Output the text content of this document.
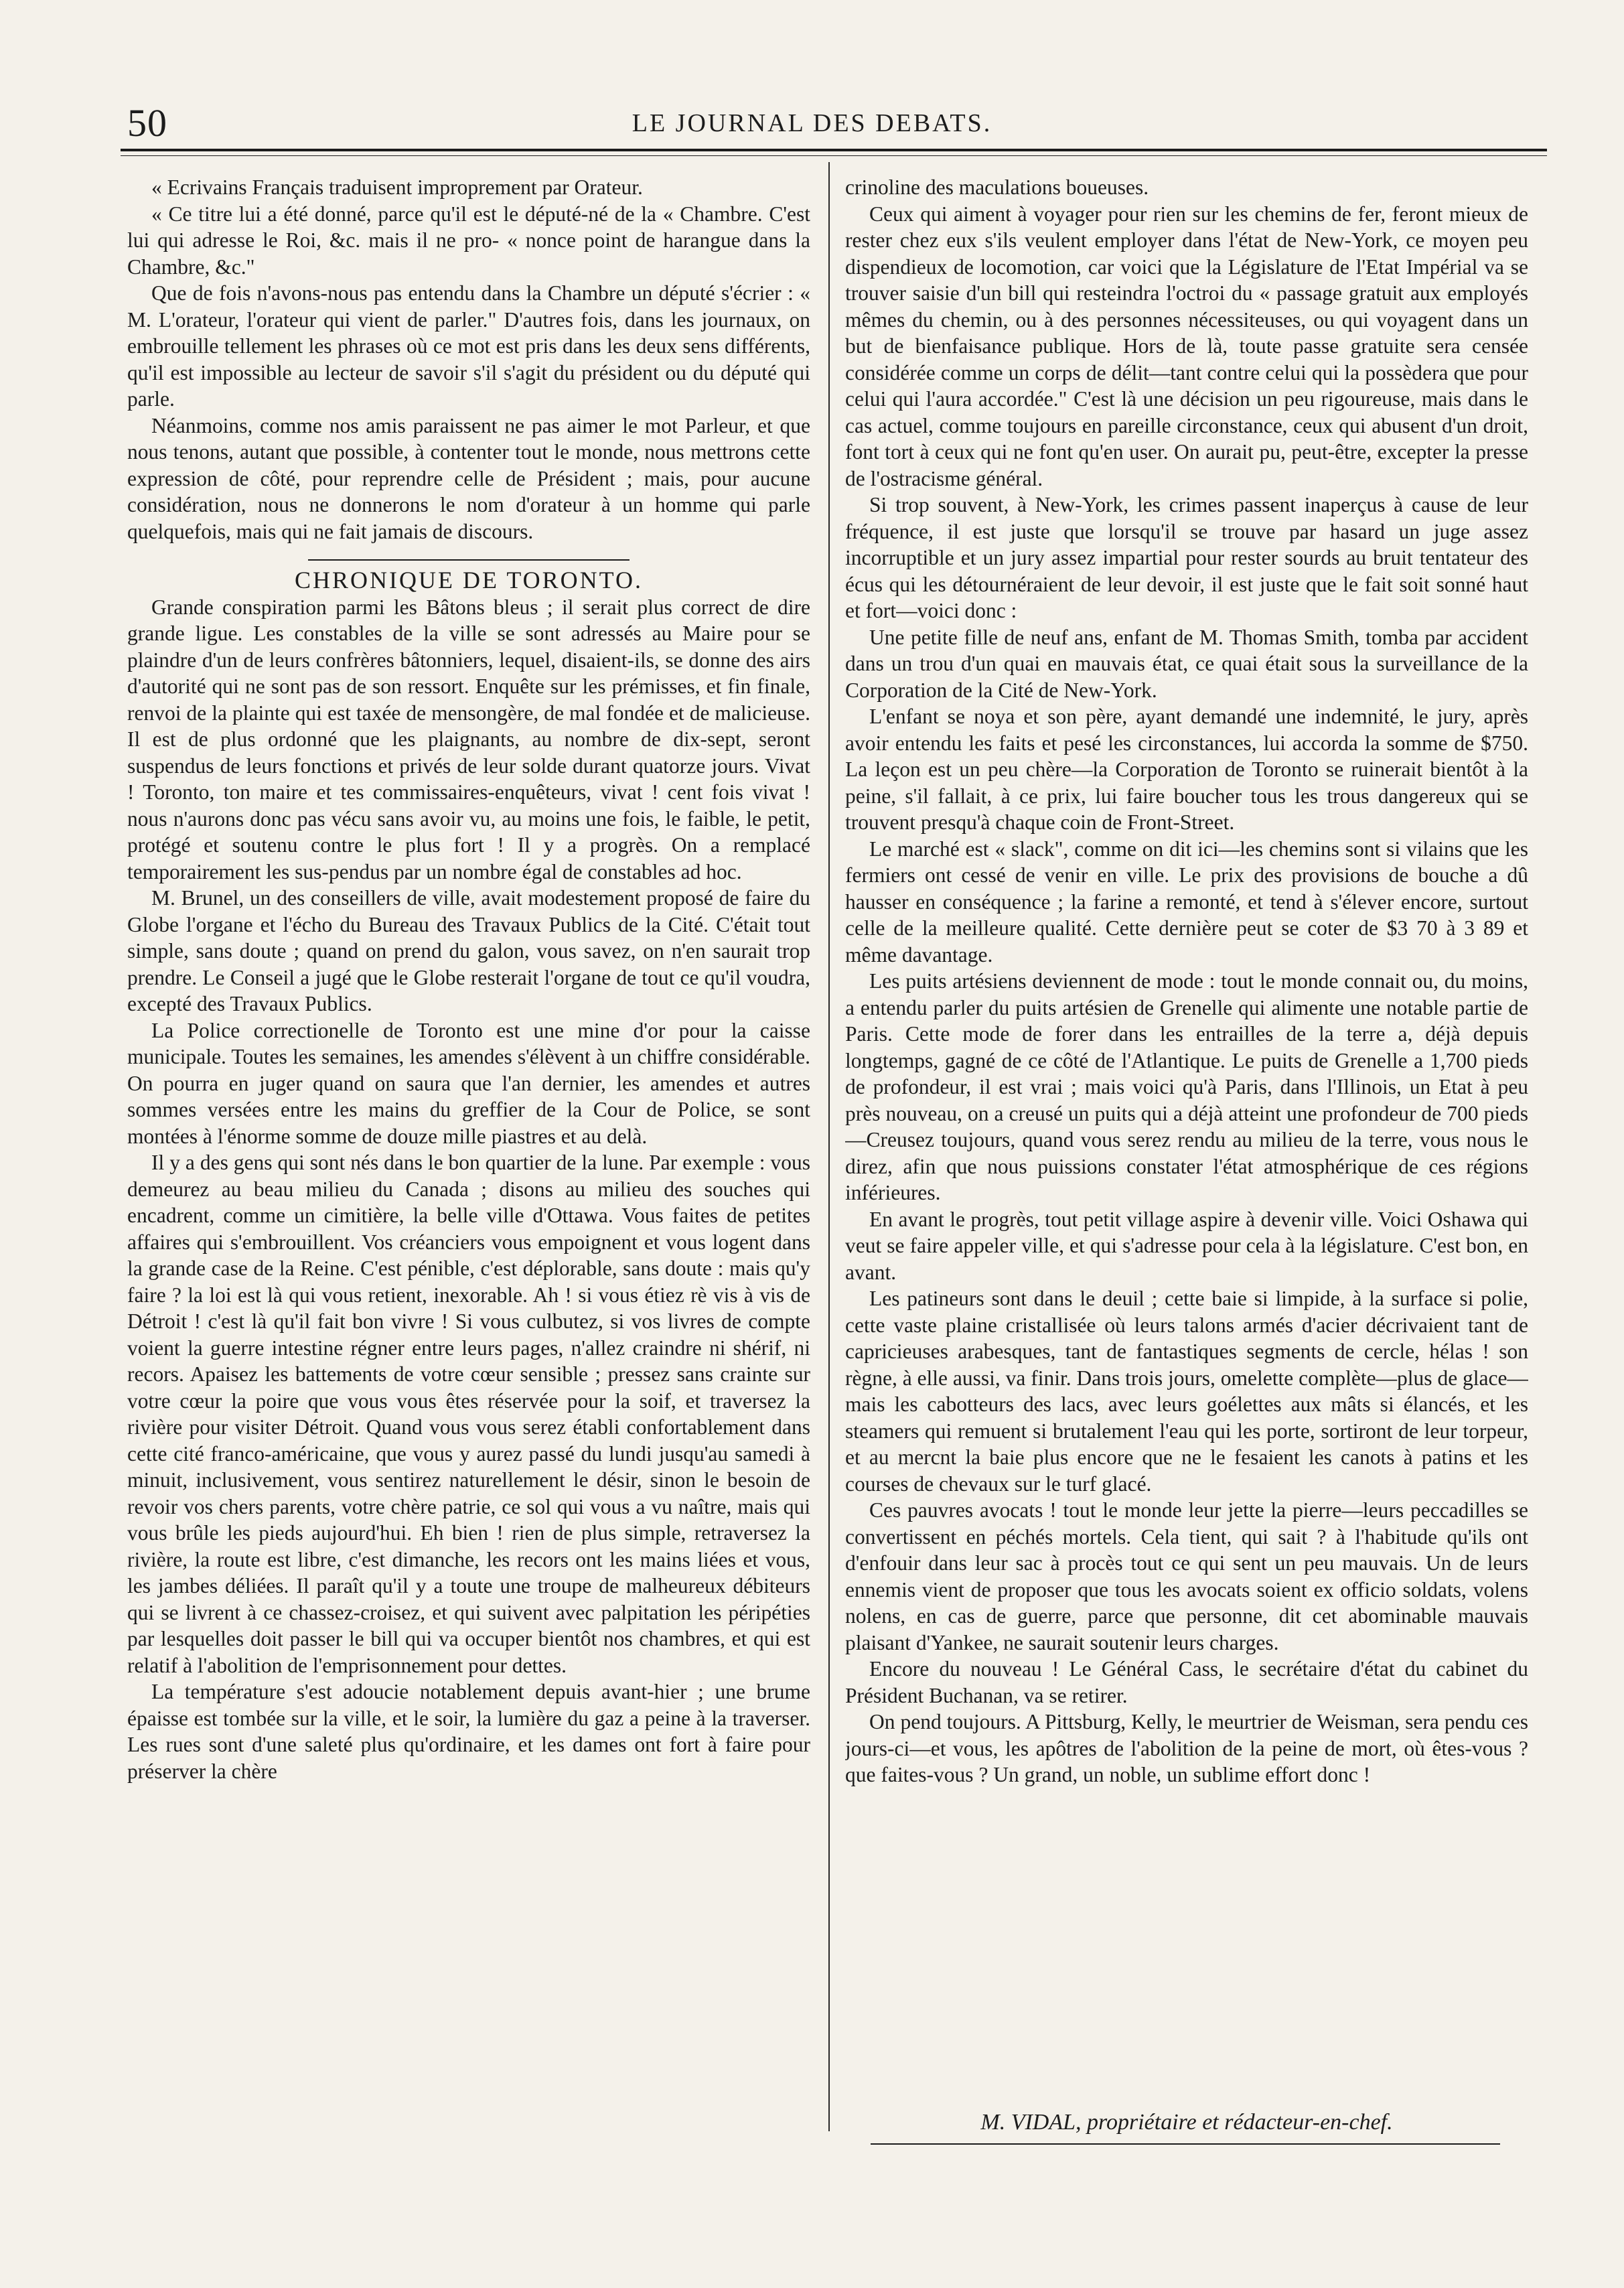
50	LE JOURNAL DES DEBATS.

« Ecrivains Français traduisent improprement par Orateur.

« Ce titre lui a été donné, parce qu'il est le député-né de la « Chambre. C'est lui qui adresse le Roi, &c. mais il ne pro- « nonce point de harangue dans la Chambre, &c."

Que de fois n'avons-nous pas entendu dans la Chambre un député s'écrier : « M. L'orateur, l'orateur qui vient de parler." D'autres fois, dans les journaux, on embrouille tellement les phrases où ce mot est pris dans les deux sens différents, qu'il est impossible au lecteur de savoir s'il s'agit du président ou du député qui parle.

Néanmoins, comme nos amis paraissent ne pas aimer le mot Parleur, et que nous tenons, autant que possible, à contenter tout le monde, nous mettrons cette expression de côté, pour reprendre celle de Président ; mais, pour aucune considération, nous ne donnerons le nom d'orateur à un homme qui parle quelquefois, mais qui ne fait jamais de discours.

CHRONIQUE DE TORONTO.

Grande conspiration parmi les Bâtons bleus ; il serait plus correct de dire grande ligue. Les constables de la ville se sont adressés au Maire pour se plaindre d'un de leurs confrères bâtonniers, lequel, disaient-ils, se donne des airs d'autorité qui ne sont pas de son ressort. Enquête sur les prémisses, et fin finale, renvoi de la plainte qui est taxée de mensongère, de mal fondée et de malicieuse. Il est de plus ordonné que les plaignants, au nombre de dix-sept, seront suspendus de leurs fonctions et privés de leur solde durant quatorze jours. Vivat ! Toronto, ton maire et tes commissaires-enquêteurs, vivat ! cent fois vivat ! nous n'aurons donc pas vécu sans avoir vu, au moins une fois, le faible, le petit, protégé et soutenu contre le plus fort ! Il y a progrès. On a remplacé temporairement les sus-pendus par un nombre égal de constables ad hoc.

M. Brunel, un des conseillers de ville, avait modestement proposé de faire du Globe l'organe et l'écho du Bureau des Travaux Publics de la Cité. C'était tout simple, sans doute ; quand on prend du galon, vous savez, on n'en saurait trop prendre. Le Conseil a jugé que le Globe resterait l'organe de tout ce qu'il voudra, excepté des Travaux Publics.

La Police correctionelle de Toronto est une mine d'or pour la caisse municipale. Toutes les semaines, les amendes s'élèvent à un chiffre considérable. On pourra en juger quand on saura que l'an dernier, les amendes et autres sommes versées entre les mains du greffier de la Cour de Police, se sont montées à l'énorme somme de douze mille piastres et au delà.

Il y a des gens qui sont nés dans le bon quartier de la lune. Par exemple : vous demeurez au beau milieu du Canada ; disons au milieu des souches qui encadrent, comme un cimitière, la belle ville d'Ottawa. Vous faites de petites affaires qui s'embrouillent. Vos créanciers vous empoignent et vous logent dans la grande case de la Reine. C'est pénible, c'est déplorable, sans doute : mais qu'y faire ? la loi est là qui vous retient, inexorable. Ah ! si vous étiez rè vis à vis de Détroit ! c'est là qu'il fait bon vivre ! Si vous culbutez, si vos livres de compte voient la guerre intestine régner entre leurs pages, n'allez craindre ni shérif, ni recors. Apaisez les battements de votre cœur sensible ; pressez sans crainte sur votre cœur la poire que vous vous êtes réservée pour la soif, et traversez la rivière pour visiter Détroit. Quand vous vous serez établi confortablement dans cette cité franco-américaine, que vous y aurez passé du lundi jusqu'au samedi à minuit, inclusivement, vous sentirez naturellement le désir, sinon le besoin de revoir vos chers parents, votre chère patrie, ce sol qui vous a vu naître, mais qui vous brûle les pieds aujourd'hui. Eh bien ! rien de plus simple, retraversez la rivière, la route est libre, c'est dimanche, les recors ont les mains liées et vous, les jambes déliées. Il paraît qu'il y a toute une troupe de malheureux débiteurs qui se livrent à ce chassez-croisez, et qui suivent avec palpitation les péripéties par lesquelles doit passer le bill qui va occuper bientôt nos chambres, et qui est relatif à l'abolition de l'emprisonnement pour dettes.

La température s'est adoucie notablement depuis avant-hier ; une brume épaisse est tombée sur la ville, et le soir, la lumière du gaz a peine à la traverser. Les rues sont d'une saleté plus qu'ordinaire, et les dames ont fort à faire pour préserver la chère

crinoline des maculations boueuses.

Ceux qui aiment à voyager pour rien sur les chemins de fer, feront mieux de rester chez eux s'ils veulent employer dans l'état de New-York, ce moyen peu dispendieux de locomotion, car voici que la Législature de l'Etat Impérial va se trouver saisie d'un bill qui resteindra l'octroi du « passage gratuit aux employés mêmes du chemin, ou à des personnes nécessiteuses, ou qui voyagent dans un but de bienfaisance publique. Hors de là, toute passe gratuite sera censée considérée comme un corps de délit—tant contre celui qui la possèdera que pour celui qui l'aura accordée." C'est là une décision un peu rigoureuse, mais dans le cas actuel, comme toujours en pareille circonstance, ceux qui abusent d'un droit, font tort à ceux qui ne font qu'en user. On aurait pu, peut-être, excepter la presse de l'ostracisme général.

Si trop souvent, à New-York, les crimes passent inaperçus à cause de leur fréquence, il est juste que lorsqu'il se trouve par hasard un juge assez incorruptible et un jury assez impartial pour rester sourds au bruit tentateur des écus qui les détournéraient de leur devoir, il est juste que le fait soit sonné haut et fort—voici donc :

Une petite fille de neuf ans, enfant de M. Thomas Smith, tomba par accident dans un trou d'un quai en mauvais état, ce quai était sous la surveillance de la Corporation de la Cité de New-York.

L'enfant se noya et son père, ayant demandé une indemnité, le jury, après avoir entendu les faits et pesé les circonstances, lui accorda la somme de $750. La leçon est un peu chère—la Corporation de Toronto se ruinerait bientôt à la peine, s'il fallait, à ce prix, lui faire boucher tous les trous dangereux qui se trouvent presqu'à chaque coin de Front-Street.

Le marché est « slack", comme on dit ici—les chemins sont si vilains que les fermiers ont cessé de venir en ville. Le prix des provisions de bouche a dû hausser en conséquence ; la farine a remonté, et tend à s'élever encore, surtout celle de la meilleure qualité. Cette dernière peut se coter de $3 70 à 3 89 et même davantage.

Les puits artésiens deviennent de mode : tout le monde connait ou, du moins, a entendu parler du puits artésien de Grenelle qui alimente une notable partie de Paris. Cette mode de forer dans les entrailles de la terre a, déjà depuis longtemps, gagné de ce côté de l'Atlantique. Le puits de Grenelle a 1,700 pieds de profondeur, il est vrai ; mais voici qu'à Paris, dans l'Illinois, un Etat à peu près nouveau, on a creusé un puits qui a déjà atteint une profondeur de 700 pieds—Creusez toujours, quand vous serez rendu au milieu de la terre, vous nous le direz, afin que nous puissions constater l'état atmosphérique de ces régions inférieures.

En avant le progrès, tout petit village aspire à devenir ville. Voici Oshawa qui veut se faire appeler ville, et qui s'adresse pour cela à la législature. C'est bon, en avant.

Les patineurs sont dans le deuil ; cette baie si limpide, à la surface si polie, cette vaste plaine cristallisée où leurs talons armés d'acier décrivaient tant de capricieuses arabesques, tant de fantastiques segments de cercle, hélas ! son règne, à elle aussi, va finir. Dans trois jours, omelette complète—plus de glace—mais les cabotteurs des lacs, avec leurs goélettes aux mâts si élancés, et les steamers qui remuent si brutalement l'eau qui les porte, sortiront de leur torpeur, et au mercnt la baie plus encore que ne le fesaient les canots à patins et les courses de chevaux sur le turf glacé.

Ces pauvres avocats ! tout le monde leur jette la pierre—leurs peccadilles se convertissent en péchés mortels. Cela tient, qui sait ? à l'habitude qu'ils ont d'enfouir dans leur sac à procès tout ce qui sent un peu mauvais. Un de leurs ennemis vient de proposer que tous les avocats soient ex officio soldats, volens nolens, en cas de guerre, parce que personne, dit cet abominable mauvais plaisant d'Yankee, ne saurait soutenir leurs charges.

Encore du nouveau ! Le Général Cass, le secrétaire d'état du cabinet du Président Buchanan, va se retirer.

On pend toujours. A Pittsburg, Kelly, le meurtrier de Weisman, sera pendu ces jours-ci—et vous, les apôtres de l'abolition de la peine de mort, où êtes-vous ? que faites-vous ? Un grand, un noble, un sublime effort donc !

M. VIDAL, propriétaire et rédacteur-en-chef.
